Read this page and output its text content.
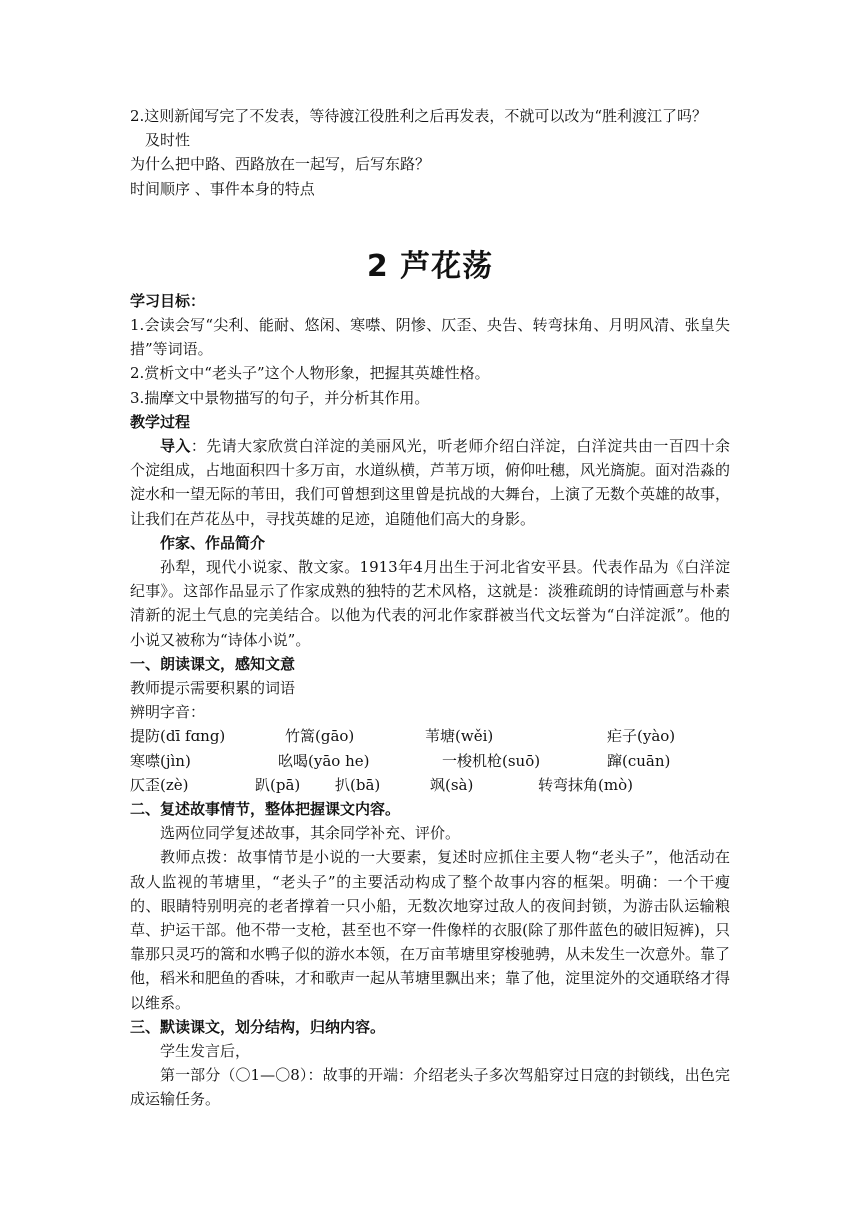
2.这则新闻写完了不发表，等待渡江役胜利之后再发表，不就可以改为“胜利渡江了吗？

及时性

为什么把中路、西路放在一起写，后写东路？

时间顺序 、事件本身的特点

2 芦花荡

学习目标：

1.会读会写“尖利、能耐、悠闲、寒噤、阴惨、仄歪、央告、转弯抹角、月明风清、张皇失措”等词语。

2.赏析文中“老头子”这个人物形象，把握其英雄性格。

3.揣摩文中景物描写的句子，并分析其作用。

教学过程

导入：先请大家欣赏白洋淀的美丽风光，听老师介绍白洋淀，白洋淀共由一百四十余个淀组成，占地面积四十多万亩，水道纵横，芦苇万顷，俯仰吐穗，风光旖旎。面对浩淼的淀水和一望无际的苇田，我们可曾想到这里曾是抗战的大舞台，上演了无数个英雄的故事，让我们在芦花丛中，寻找英雄的足迹，追随他们高大的身影。

作家、作品简介

孙犁，现代小说家、散文家。1913年4月出生于河北省安平县。代表作品为《白洋淀纪事》。这部作品显示了作家成熟的独特的艺术风格，这就是：淡雅疏朗的诗情画意与朴素清新的泥土气息的完美结合。以他为代表的河北作家群被当代文坛誉为“白洋淀派”。他的小说又被称为“诗体小说”。

一、朗读课文，感知文意

教师提示需要积累的词语

辨明字音：

提防(dī fɑng)	竹篙(gāo)	苇塘(wěi)	疟子(yào)
寒噤(jìn)	吆喝(yāo he)	一梭机枪(suō)	蹿(cuān)
仄歪(zè)	趴(pā) 扒(bā)	飒(sà)	转弯抹角(mò)

二、复述故事情节，整体把握课文内容。

选两位同学复述故事，其余同学补充、评价。

教师点拨：故事情节是小说的一大要素，复述时应抓住主要人物“老头子”，他活动在敌人监视的苇塘里，“老头子”的主要活动构成了整个故事内容的框架。明确：一个干瘦的、眼睛特别明亮的老者撑着一只小船，无数次地穿过敌人的夜间封锁，为游击队运输粮草、护运干部。他不带一支枪，甚至也不穿一件像样的衣服(除了那件蓝色的破旧短裤)，只靠那只灵巧的篙和水鸭子似的游水本领，在万亩苇塘里穿梭驰骋，从未发生一次意外。靠了他，稻米和肥鱼的香味，才和歌声一起从苇塘里飘出来；靠了他，淀里淀外的交通联络才得以维系。

三、默读课文，划分结构，归纳内容。

学生发言后，

第一部分（〇1—〇8）：故事的开端：介绍老头子多次驾船穿过日寇的封锁线，出色完成运输任务。
